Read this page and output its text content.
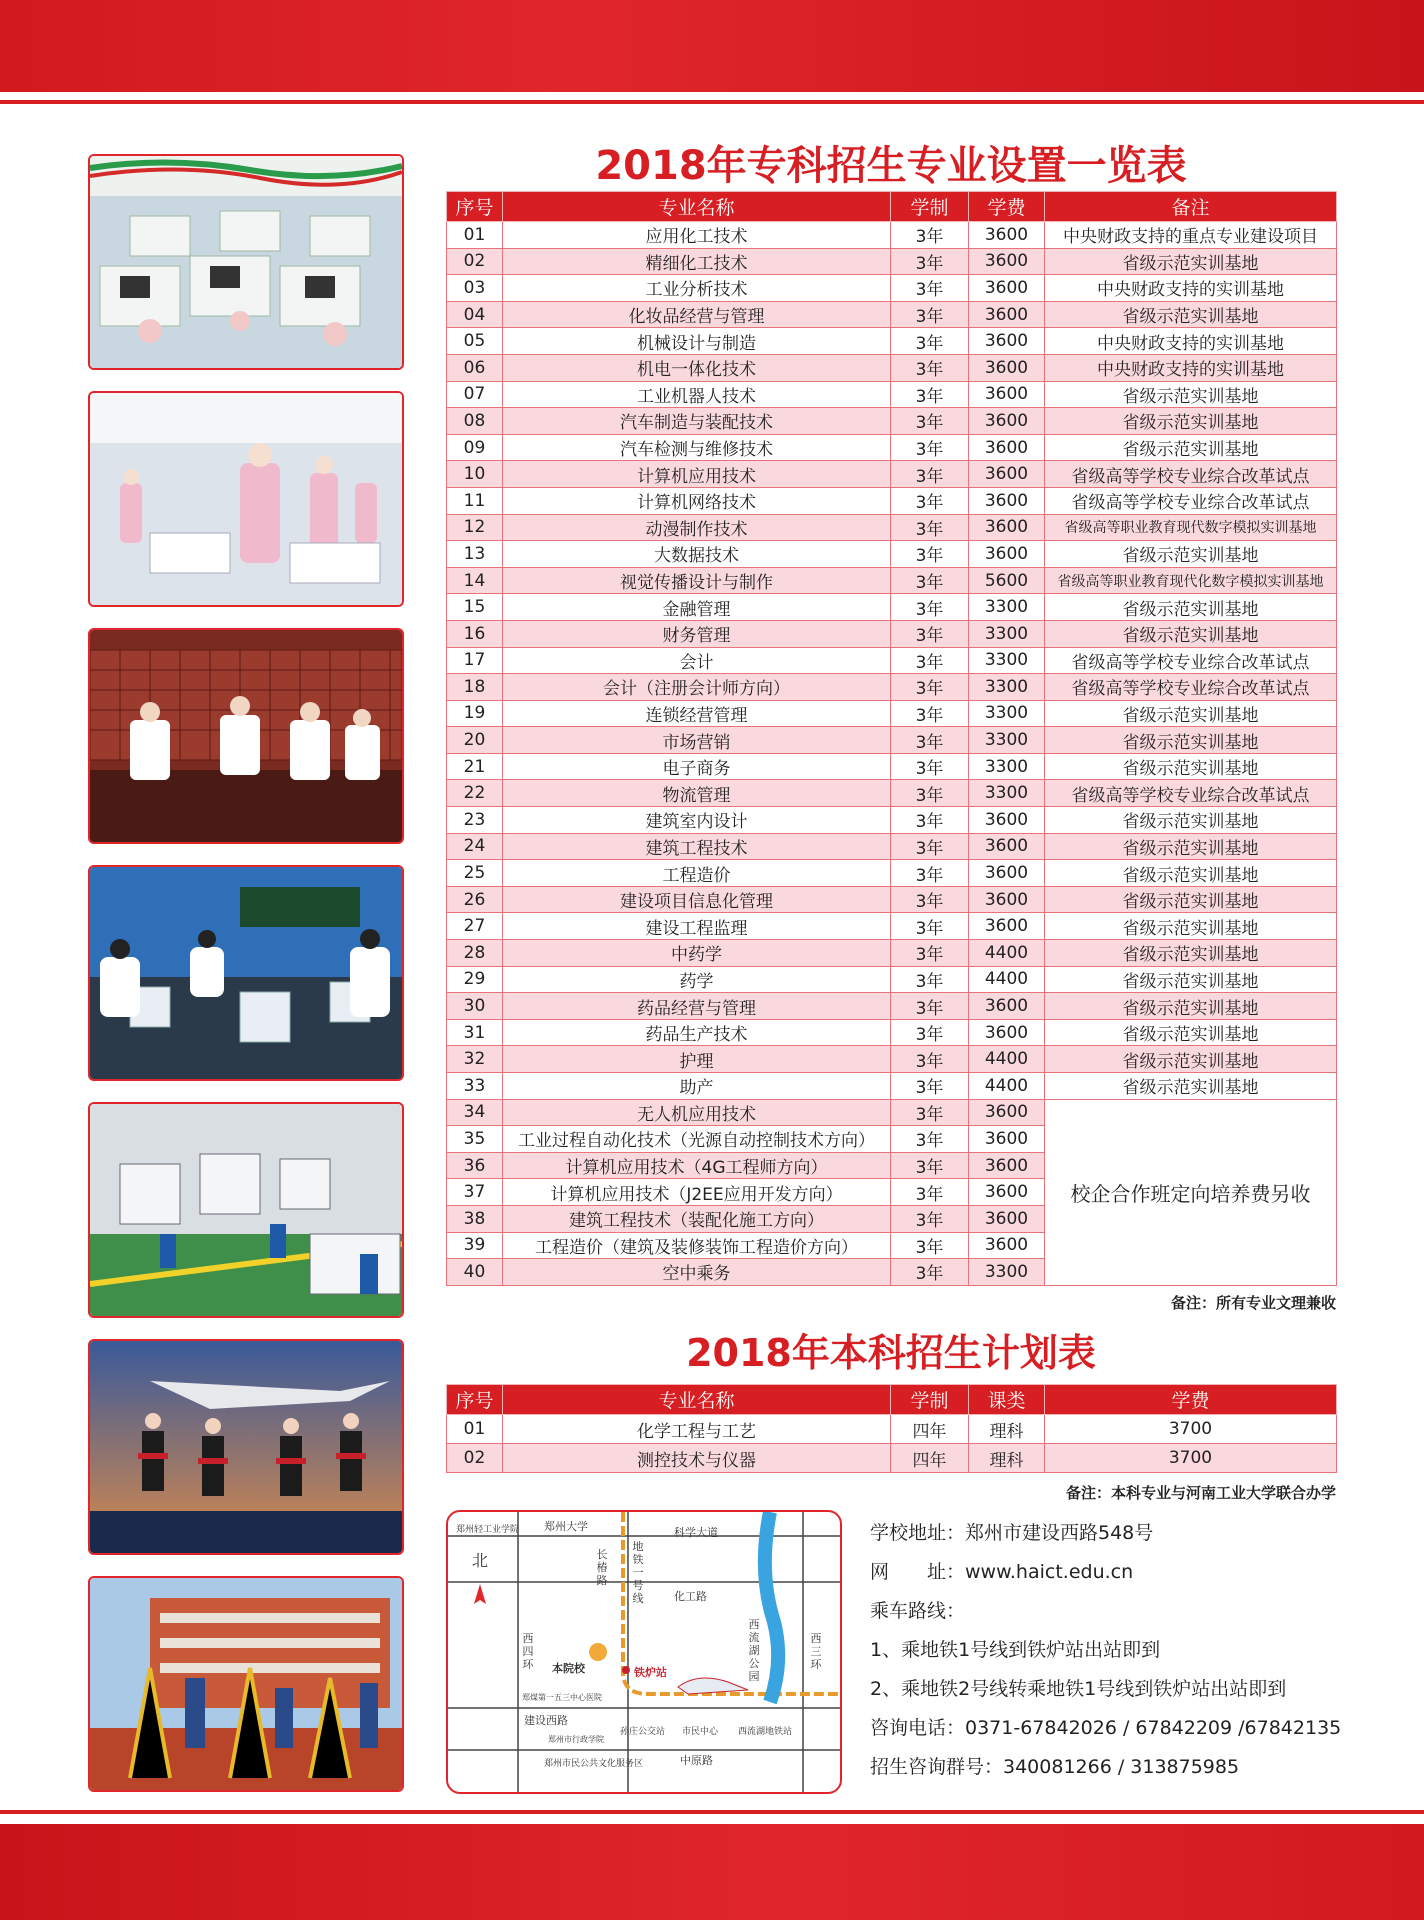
2018年专科招生专业设置一览表
序号	专业名称	学制	学费	备注
01	应用化工技术	3年	3600	中央财政支持的重点专业建设项目
02	精细化工技术	3年	3600	省级示范实训基地
03	工业分析技术	3年	3600	中央财政支持的实训基地
04	化妆品经营与管理	3年	3600	省级示范实训基地
05	机械设计与制造	3年	3600	中央财政支持的实训基地
06	机电一体化技术	3年	3600	中央财政支持的实训基地
07	工业机器人技术	3年	3600	省级示范实训基地
08	汽车制造与装配技术	3年	3600	省级示范实训基地
09	汽车检测与维修技术	3年	3600	省级示范实训基地
10	计算机应用技术	3年	3600	省级高等学校专业综合改革试点
11	计算机网络技术	3年	3600	省级高等学校专业综合改革试点
12	动漫制作技术	3年	3600	省级高等职业教育现代数字模拟实训基地
13	大数据技术	3年	3600	省级示范实训基地
14	视觉传播设计与制作	3年	5600	省级高等职业教育现代化数字模拟实训基地
15	金融管理	3年	3300	省级示范实训基地
16	财务管理	3年	3300	省级示范实训基地
17	会计	3年	3300	省级高等学校专业综合改革试点
18	会计（注册会计师方向）	3年	3300	省级高等学校专业综合改革试点
19	连锁经营管理	3年	3300	省级示范实训基地
20	市场营销	3年	3300	省级示范实训基地
21	电子商务	3年	3300	省级示范实训基地
22	物流管理	3年	3300	省级高等学校专业综合改革试点
23	建筑室内设计	3年	3600	省级示范实训基地
24	建筑工程技术	3年	3600	省级示范实训基地
25	工程造价	3年	3600	省级示范实训基地
26	建设项目信息化管理	3年	3600	省级示范实训基地
27	建设工程监理	3年	3600	省级示范实训基地
28	中药学	3年	4400	省级示范实训基地
29	药学	3年	4400	省级示范实训基地
30	药品经营与管理	3年	3600	省级示范实训基地
31	药品生产技术	3年	3600	省级示范实训基地
32	护理	3年	4400	省级示范实训基地
33	助产	3年	4400	省级示范实训基地
34	无人机应用技术	3年	3600	校企合作班定向培养费另收
35	工业过程自动化技术（光源自动控制技术方向）	3年	3600	
36	计算机应用技术（4G工程师方向）	3年	3600	
37	计算机应用技术（J2EE应用开发方向）	3年	3600	
38	建筑工程技术（装配化施工方向）	3年	3600	
39	工程造价（建筑及装修装饰工程造价方向）	3年	3600	
40	空中乘务	3年	3300	
备注：所有专业文理兼收
2018年本科招生计划表
序号	专业名称	学制	课类	学费
01	化学工程与工艺	四年	理科	3700
02	测控技术与仪器	四年	理科	3700
备注：本科专业与河南工业大学联合办学
郑州轻工业学院 郑州大学	科学大道
北
地铁一号线
长椿路
化工路
西四环
西三环
西流湖公园
本院校	铁炉站
郑煤第一五三中心医院
建设西路
郑州市行政学院
孙庄公交站 市民中心 西流湖地铁站
郑州市民公共文化服务区	中原路
学校地址：郑州市建设西路548号
网　　址：www.haict.edu.cn
乘车路线：
1、乘地铁1号线到铁炉站出站即到
2、乘地铁2号线转乘地铁1号线到铁炉站出站即到
咨询电话：0371-67842026 / 67842209 /67842135
招生咨询群号：340081266 / 313875985
